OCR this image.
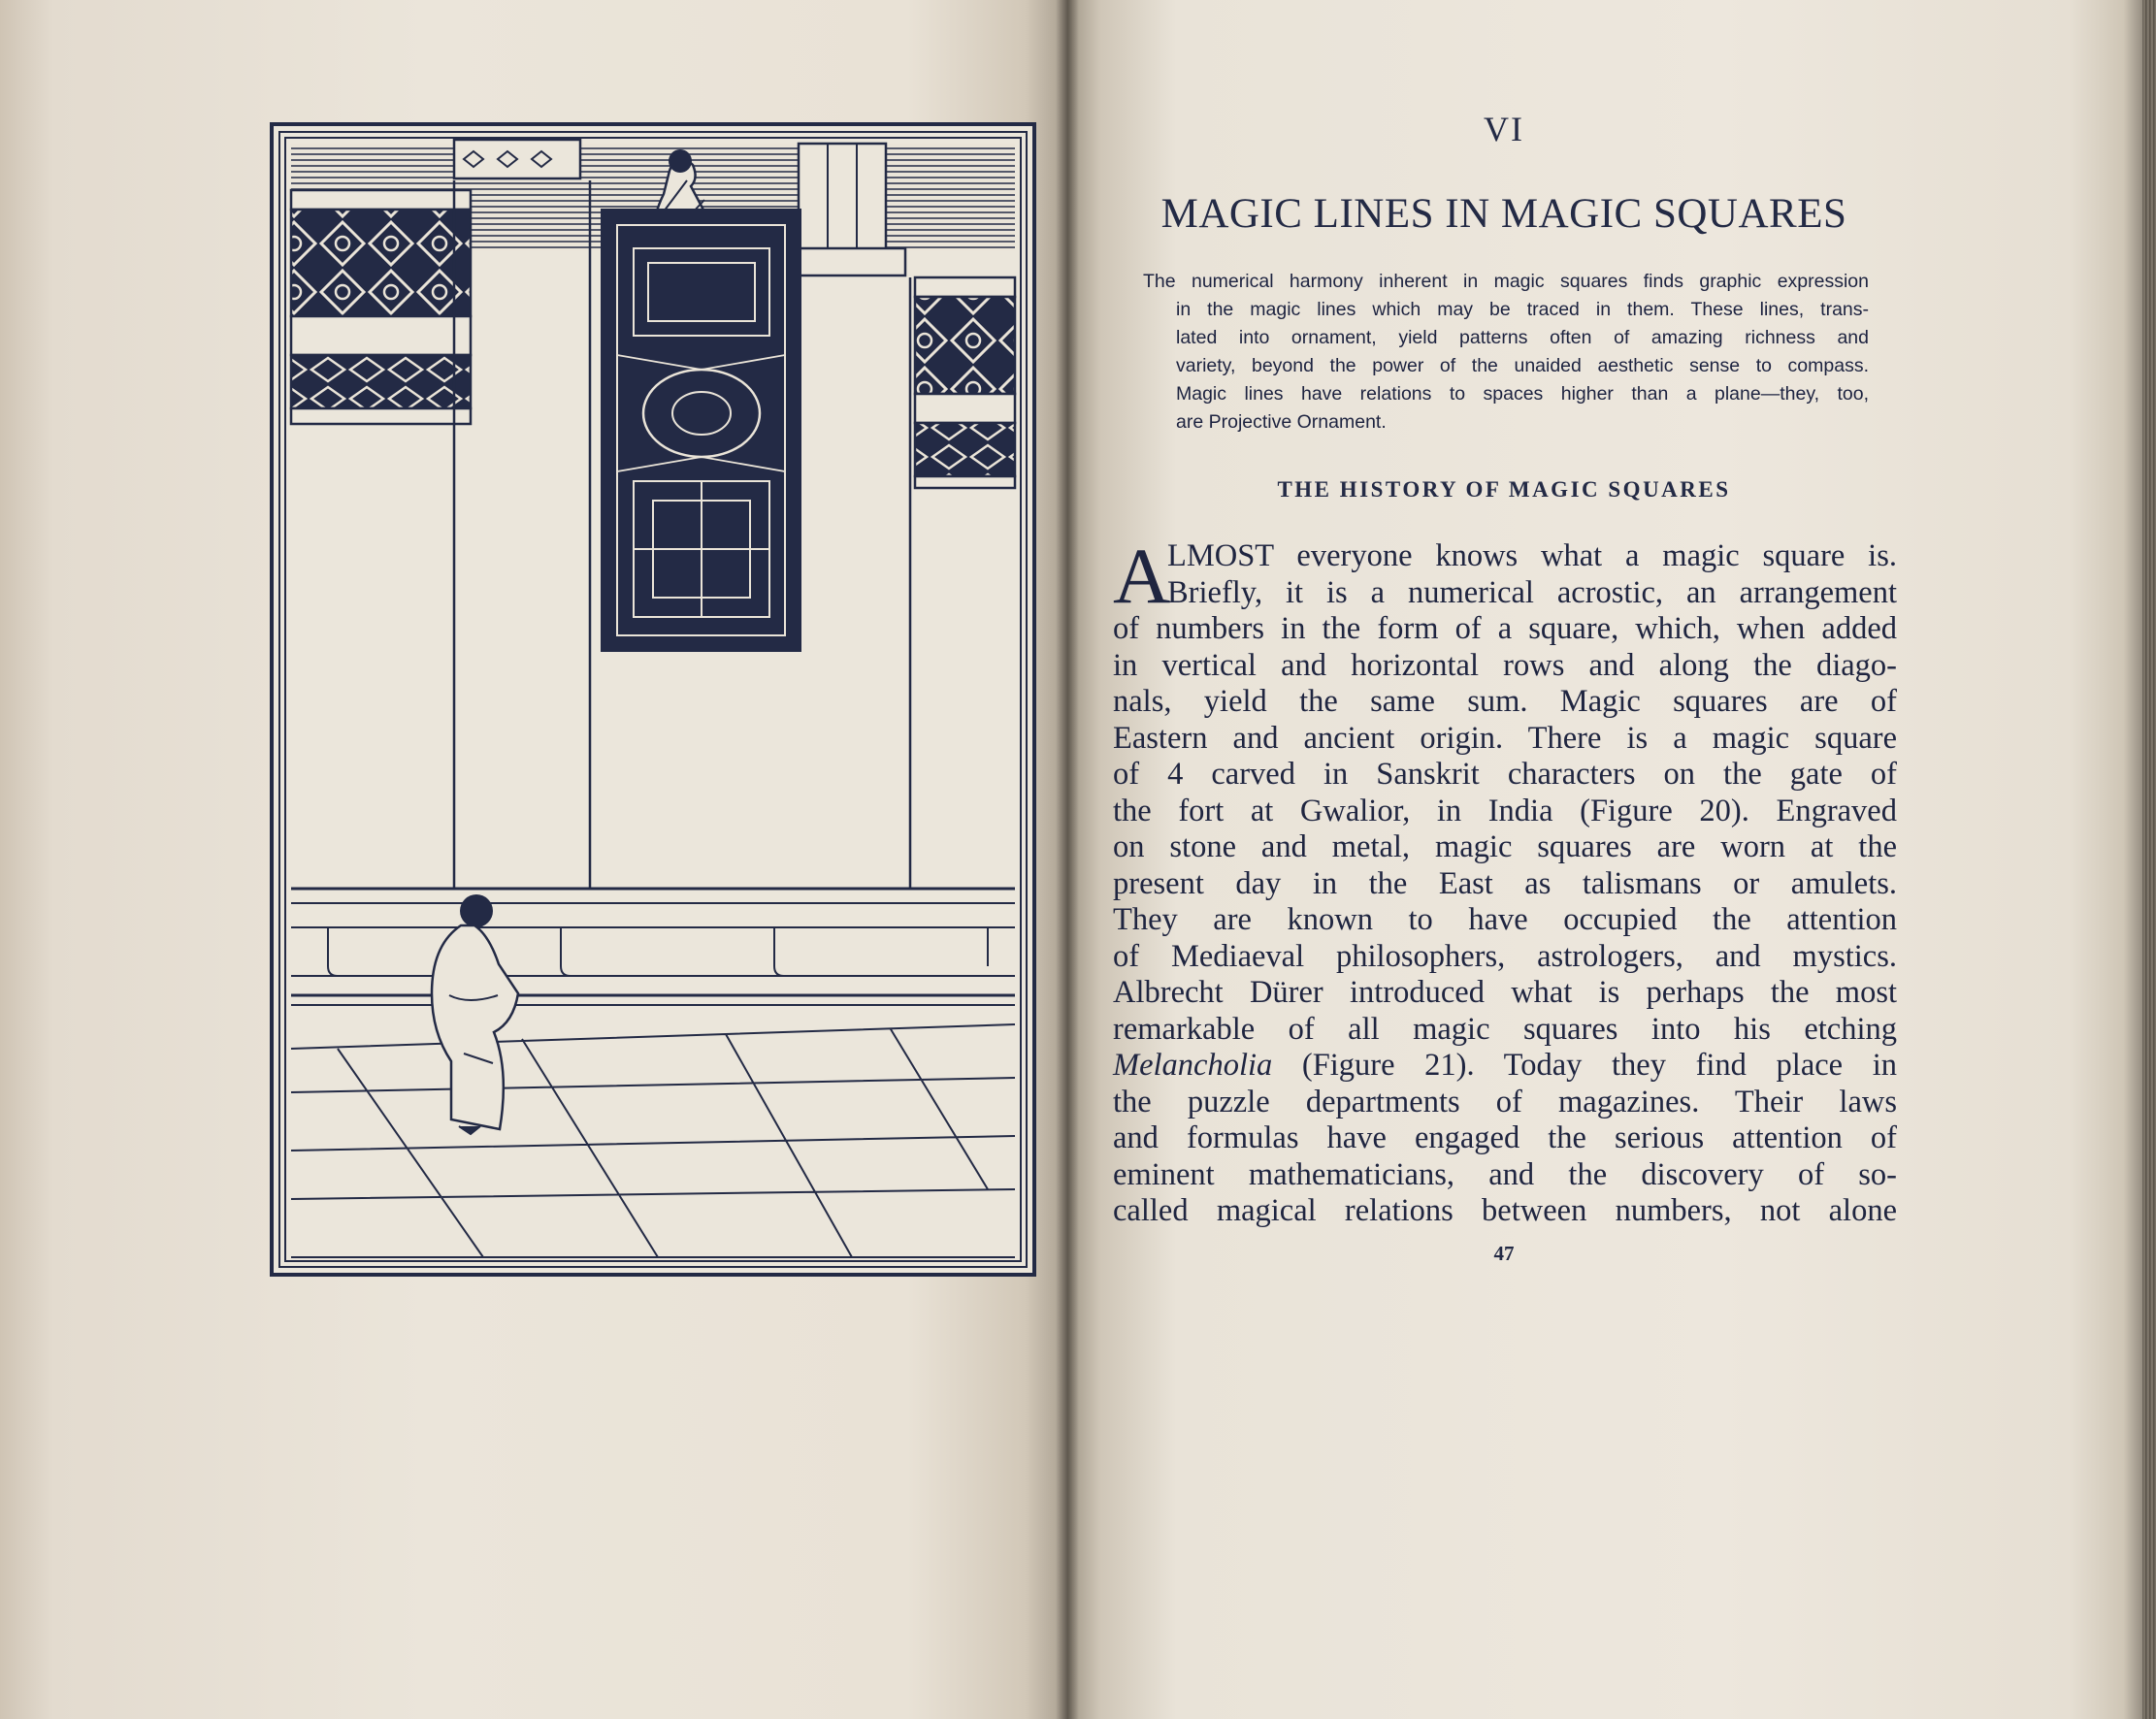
VI
MAGIC LINES IN MAGIC SQUARES
The numerical harmony inherent in magic squares finds graphic expression
in the magic lines which may be traced in them. These lines, trans-
lated into ornament, yield patterns often of amazing richness and
variety, beyond the power of the unaided aesthetic sense to compass.
Magic lines have relations to spaces higher than a plane—they, too,
are Projective Ornament.
THE HISTORY OF MAGIC SQUARES
A
LMOST everyone knows what a magic square is.
Briefly, it is a numerical acrostic, an arrangement
of numbers in the form of a square, which, when added
in vertical and horizontal rows and along the diago-
nals, yield the same sum. Magic squares are of
Eastern and ancient origin. There is a magic square
of 4 carved in Sanskrit characters on the gate of
the fort at Gwalior, in India (Figure 20). Engraved
on stone and metal, magic squares are worn at the
present day in the East as talismans or amulets.
They are known to have occupied the attention
of Mediaeval philosophers, astrologers, and mystics.
Albrecht Dürer introduced what is perhaps the most
remarkable of all magic squares into his etching
Melancholia (Figure 21). Today they find place in
the puzzle departments of magazines. Their laws
and formulas have engaged the serious attention of
eminent mathematicians, and the discovery of so-
called magical relations between numbers, not alone
47
